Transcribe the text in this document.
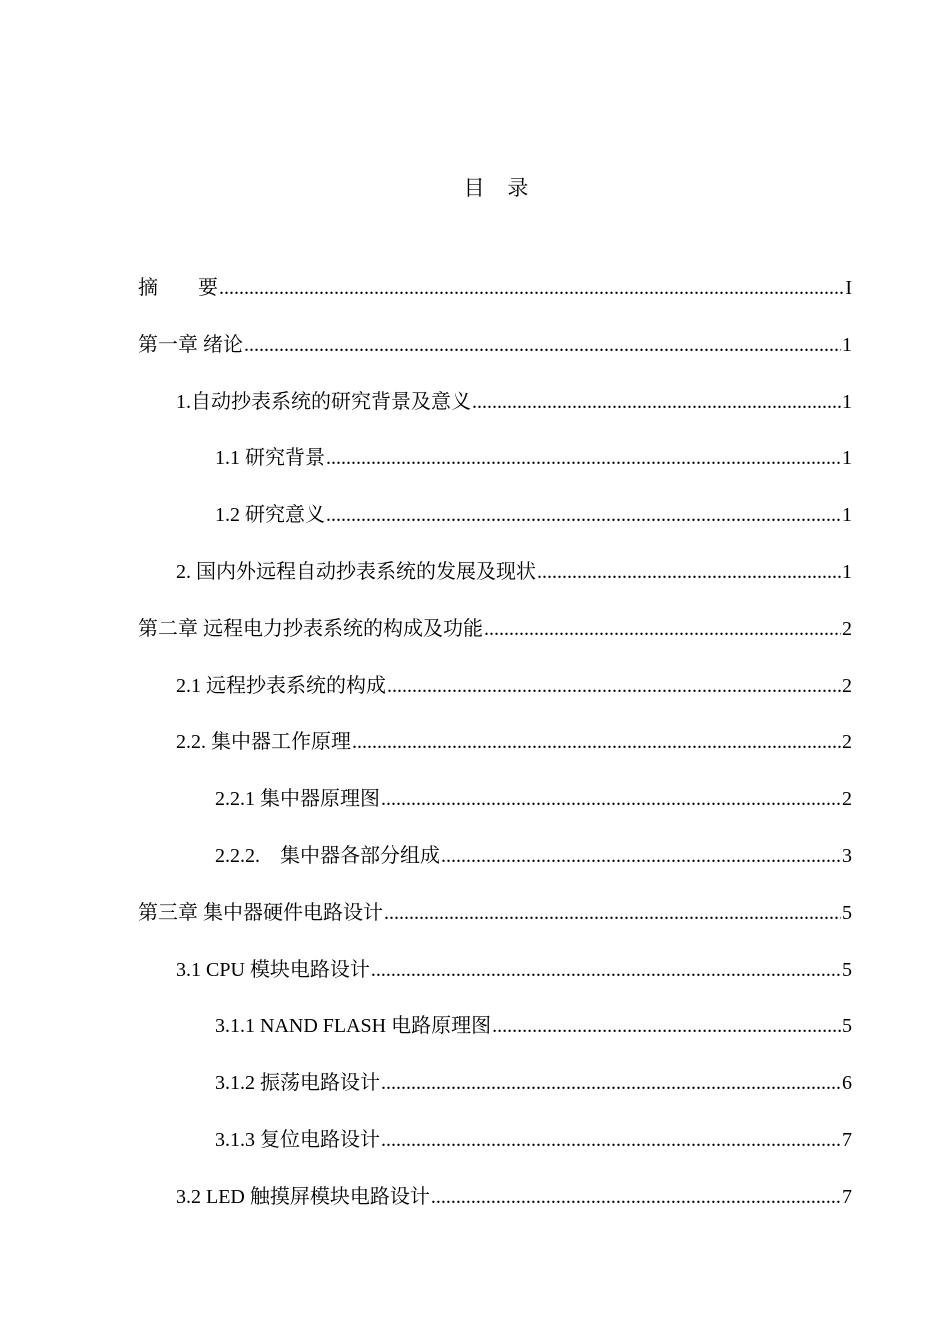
目 录
摘　　要 .....	I
第一章 绪论 .....	1
1.自动抄表系统的研究背景及意义 .....	1
1.1 研究背景 .....	1
1.2 研究意义 .....	1
2. 国内外远程自动抄表系统的发展及现状 .....	1
第二章 远程电力抄表系统的构成及功能 .....	2
2.1 远程抄表系统的构成 .....	2
2.2. 集中器工作原理 .....	2
2.2.1 集中器原理图 .....	2
2.2.2.　集中器各部分组成 .....	3
第三章 集中器硬件电路设计 .....	5
3.1 CPU 模块电路设计 .....	5
3.1.1 NAND FLASH 电路原理图 .....	5
3.1.2 振荡电路设计 .....	6
3.1.3 复位电路设计 .....	7
3.2 LED 触摸屏模块电路设计 .....	7
